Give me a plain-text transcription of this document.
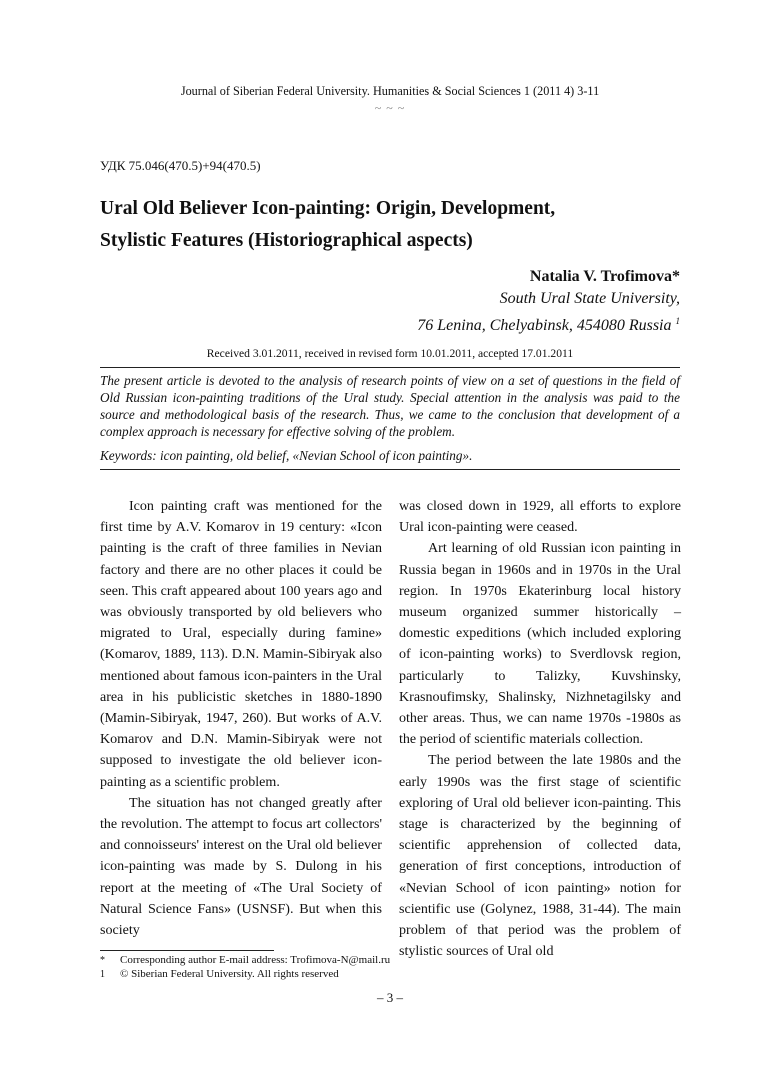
Journal of Siberian Federal University. Humanities & Social Sciences 1 (2011 4) 3-11
~ ~ ~
УДК 75.046(470.5)+94(470.5)
Ural Old Believer Icon-painting: Origin, Development,
Stylistic Features (Historiographical aspects)
Natalia V. Trofimova*
South Ural State University,
76 Lenina, Chelyabinsk, 454080 Russia $^1$
Received 3.01.2011, received in revised form 10.01.2011, accepted 17.01.2011
The present article is devoted to the analysis of research points of view on a set of questions in the field of Old Russian icon-painting traditions of the Ural study. Special attention in the analysis was paid to the source and methodological basis of the research. Thus, we came to the conclusion that development of a complex approach is necessary for effective solving of the problem.
Keywords: icon painting, old belief, «Nevian School of icon painting».

Icon painting craft was mentioned for the first time by A.V. Komarov in 19 century: «Icon painting is the craft of three families in Nevian factory and there are no other places it could be seen. This craft appeared about 100 years ago and was obviously transported by old believers who migrated to Ural, especially during famine» (Komarov, 1889, 113). D.N. Mamin-Sibiryak also mentioned about famous icon-painters in the Ural area in his publicistic sketches in 1880-1890 (Mamin-Sibiryak, 1947, 260). But works of A.V. Komarov and D.N. Mamin-Sibiryak were not supposed to investigate the old believer icon-painting as a scientific problem.

The situation has not changed greatly after the revolution. The attempt to focus art collectors' and connoisseurs' interest on the Ural old believer icon-painting was made by S. Dulong in his report at the meeting of «The Ural Society of Natural Science Fans» (USNSF). But when this society

was closed down in 1929, all efforts to explore Ural icon-painting were ceased.

Art learning of old Russian icon painting in Russia began in 1960s and in 1970s in the Ural region. In 1970s Ekaterinburg local history museum organized summer historically – domestic expeditions (which included exploring of icon-painting works) to Sverdlovsk region, particularly to Talizky, Kuvshinsky, Krasnoufimsky, Shalinsky, Nizhnetagilsky and other areas. Thus, we can name 1970s -1980s as the period of scientific materials collection.

The period between the late 1980s and the early 1990s was the first stage of scientific exploring of Ural old believer icon-painting. This stage is characterized by the beginning of scientific apprehension of collected data, generation of first conceptions, introduction of «Nevian School of icon painting» notion for scientific use (Golynez, 1988, 31-44). The main problem of that period was the problem of stylistic sources of Ural old

* Corresponding author E-mail address: Trofimova-N@mail.ru
1 © Siberian Federal University. All rights reserved
– 3 –
